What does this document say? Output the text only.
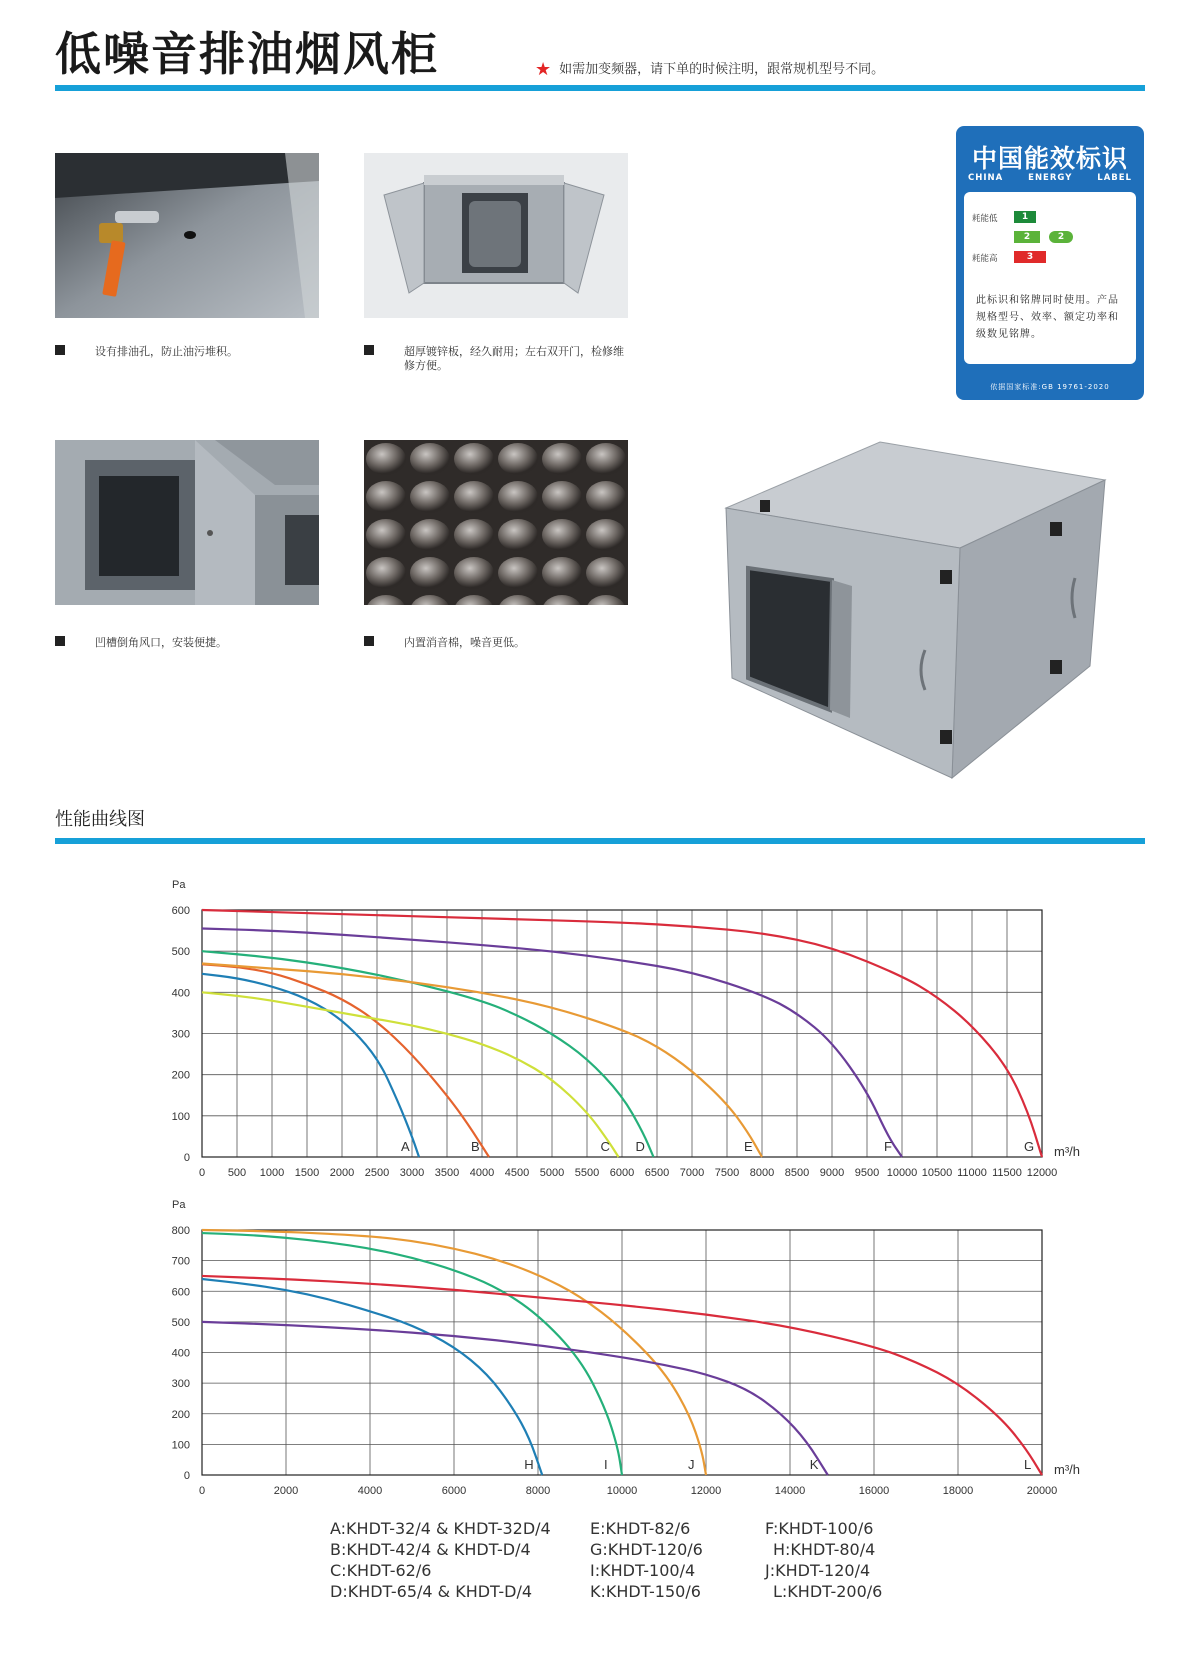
低噪音排油烟风柜	★ 如需加变频器，请下单的时候注明，跟常规机型号不同。
设有排油孔，防止油污堆积。	超厚镀锌板，经久耐用；左右双开门，检修维修方便。
凹槽倒角风口，安装便捷。	内置消音棉，噪音更低。
中国能效标识
CHINA	ENERGY	LABEL
耗能低	1
2	2
耗能高	3
此标识和铭牌同时使用。产品规格型号、效率、额定功率和级数见铭牌。
依据国家标准:GB 19761-2020
性能曲线图
0
100
200
300
400
500
600
0 500 1000 1500 2000 2500 3000 3500 4000 4500 5000 5500 6000 6500 7000 7500 8000 8500 9000 9500 10000 10500 11000 11500 12000
Pa
m³/h
A	B	C D	E	F	G
0
100
200
300
400
500
600
700
800
0	2000	4000	6000	8000	10000	12000	14000	16000	18000	20000
Pa
m³/h
H	I	J	K	L
A:KHDT-32/4 & KHDT-32D/4
B:KHDT-42/4 & KHDT-D/4
C:KHDT-62/6
D:KHDT-65/4 & KHDT-D/4
E:KHDT-82/6
G:KHDT-120/6
I:KHDT-100/4
K:KHDT-150/6
F:KHDT-100/6
H:KHDT-80/4
J:KHDT-120/4
L:KHDT-200/6
